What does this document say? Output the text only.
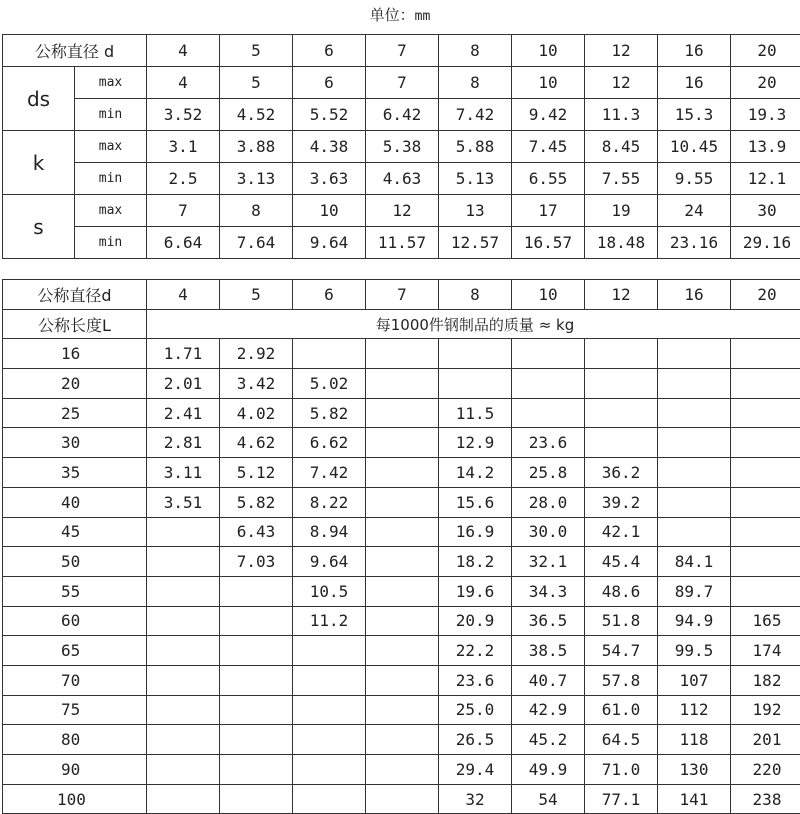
单位：mm
公称直径 d		4	5	6	7	8	10	12	16	20
ds	max	4	5	6	7	8	10	12	16	20
	min	3.52	4.52	5.52	6.42	7.42	9.42	11.3	15.3	19.3
k	max	3.1	3.88	4.38	5.38	5.88	7.45	8.45	10.45	13.9
	min	2.5	3.13	3.63	4.63	5.13	6.55	7.55	9.55	12.1
s	max	7	8	10	12	13	17	19	24	30
	min	6.64	7.64	9.64	11.57	12.57	16.57	18.48	23.16	29.16
公称直径d	4	5	6	7	8	10	12	16	20
公称长度L	每1000件钢制品的质量 ≈ kg								
16	1.71	2.92							
20	2.01	3.42	5.02						
25	2.41	4.02	5.82		11.5				
30	2.81	4.62	6.62		12.9	23.6			
35	3.11	5.12	7.42		14.2	25.8	36.2		
40	3.51	5.82	8.22		15.6	28.0	39.2		
45		6.43	8.94		16.9	30.0	42.1		
50		7.03	9.64		18.2	32.1	45.4	84.1	
55			10.5		19.6	34.3	48.6	89.7	
60			11.2		20.9	36.5	51.8	94.9	165
65					22.2	38.5	54.7	99.5	174
70					23.6	40.7	57.8	107	182
75					25.0	42.9	61.0	112	192
80					26.5	45.2	64.5	118	201
90					29.4	49.9	71.0	130	220
100					32	54	77.1	141	238
